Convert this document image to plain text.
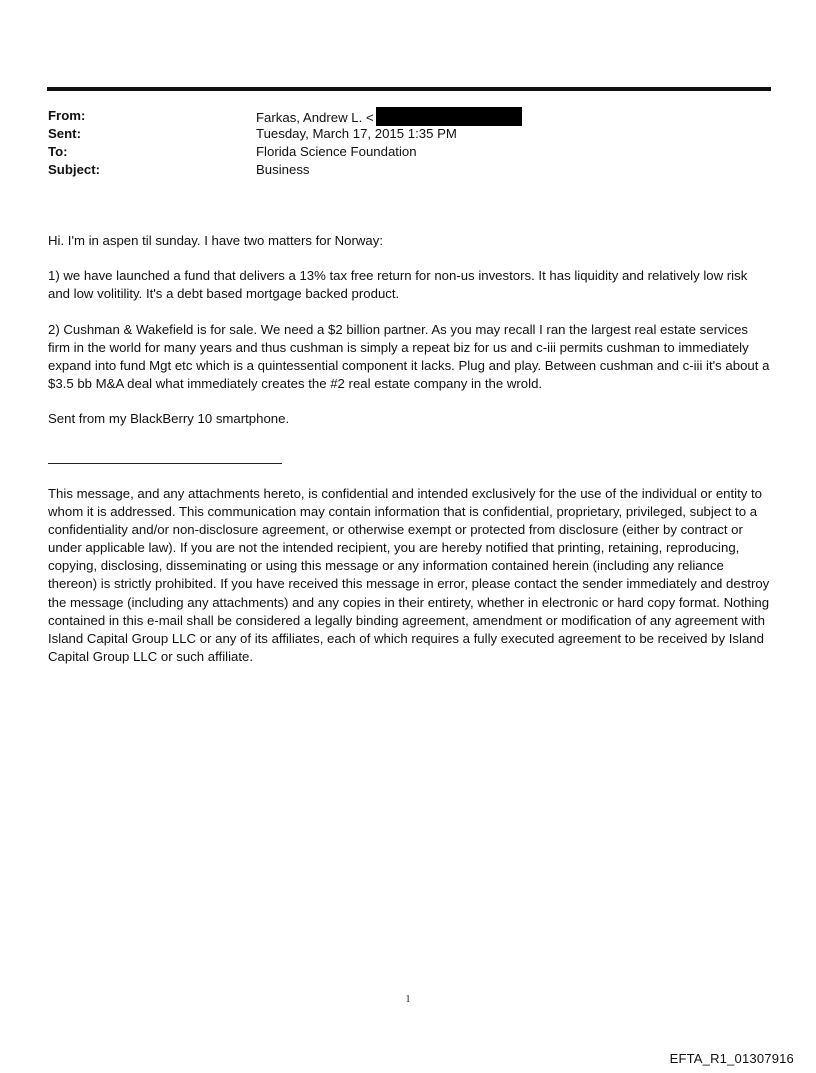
From:	Farkas, Andrew L. <
Sent:	Tuesday, March 17, 2015 1:35 PM
To:	Florida Science Foundation
Subject:	Business

Hi. I'm in aspen til sunday. I have two matters for Norway:

1) we have launched a fund that delivers a 13% tax free return for non-us investors. It has liquidity and relatively low risk and low volitility. It's a debt based mortgage backed product.

2) Cushman & Wakefield is for sale. We need a $2 billion partner. As you may recall I ran the largest real estate services firm in the world for many years and thus cushman is simply a repeat biz for us and c-iii permits cushman to immediately expand into fund Mgt etc which is a quintessential component it lacks. Plug and play. Between cushman and c-iii it's about a $3.5 bb M&A deal what immediately creates the #2 real estate company in the wrold.

Sent from my BlackBerry 10 smartphone.

This message, and any attachments hereto, is confidential and intended exclusively for the use of the individual or entity to whom it is addressed. This communication may contain information that is confidential, proprietary, privileged, subject to a confidentiality and/or non-disclosure agreement, or otherwise exempt or protected from disclosure (either by contract or under applicable law). If you are not the intended recipient, you are hereby notified that printing, retaining, reproducing, copying, disclosing, disseminating or using this message or any information contained herein (including any reliance thereon) is strictly prohibited. If you have received this message in error, please contact the sender immediately and destroy the message (including any attachments) and any copies in their entirety, whether in electronic or hard copy format. Nothing contained in this e-mail shall be considered a legally binding agreement, amendment or modification of any agreement with Island Capital Group LLC or any of its affiliates, each of which requires a fully executed agreement to be received by Island Capital Group LLC or such affiliate.

1
EFTA_R1_01307916
